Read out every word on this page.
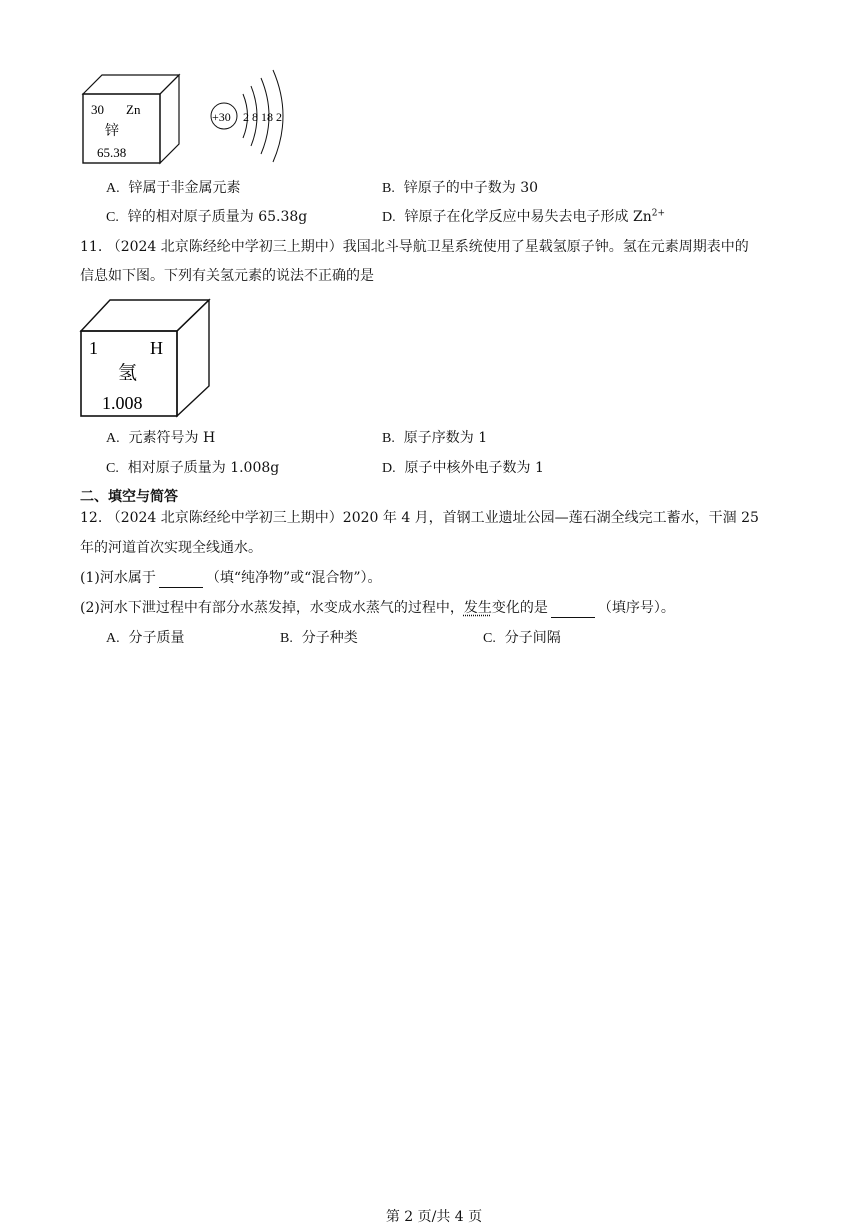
30 Zn
锌
65.38
+30 2 8 18 2
A. 锌属于非金属元素	B. 锌原子的中子数为 30
C. 锌的相对原子质量为 65.38g	D. 锌原子在化学反应中易失去电子形成 $Zn^{2+}$
11. （2024 北京陈经纶中学初三上期中）我国北斗导航卫星系统使用了星载氢原子钟。氢在元素周期表中的
信息如下图。下列有关氢元素的说法不正确的是
1	H
氢
1.008
A. 元素符号为 H	B. 原子序数为 1
C. 相对原子质量为 1.008g	D. 原子中核外电子数为 1
二、填空与简答
12. （2024 北京陈经纶中学初三上期中）2020 年 4 月，首钢工业遗址公园—莲石湖全线完工蓄水，干涸 25
年的河道首次实现全线通水。
(1)河水属于	（填“纯净物”或“混合物”）。
(2)河水下泄过程中有部分水蒸发掉，水变成水蒸气的过程中，发生变化的是	（填序号）。
A. 分子质量	B. 分子种类	C. 分子间隔
第 2 页/共 4 页
